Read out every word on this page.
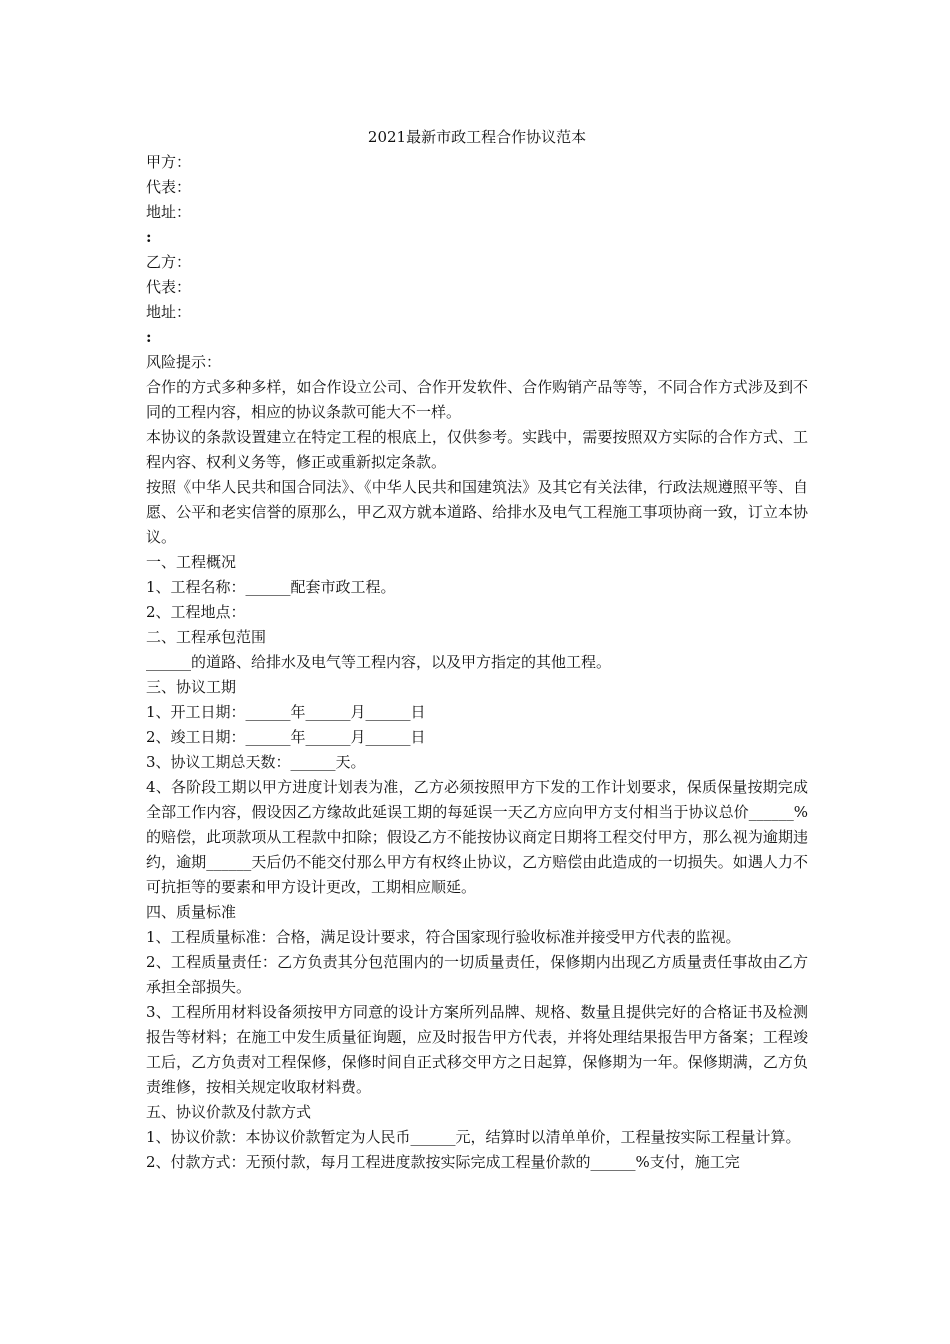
2021最新市政工程合作协议范本

甲方：

代表：

地址：

:

乙方：

代表：

地址：

:

风险提示：

合作的方式多种多样，如合作设立公司、合作开发软件、合作购销产品等等，不同合作方式涉及到不同的工程内容，相应的协议条款可能大不一样。

本协议的条款设置建立在特定工程的根底上，仅供参考。实践中，需要按照双方实际的合作方式、工程内容、权利义务等，修正或重新拟定条款。

按照《中华人民共和国合同法》、《中华人民共和国建筑法》及其它有关法律，行政法规遵照平等、自愿、公平和老实信誉的原那么，甲乙双方就本道路、给排水及电气工程施工事项协商一致，订立本协议。

一、工程概况

1、工程名称：______配套市政工程。

2、工程地点：

二、工程承包范围

______的道路、给排水及电气等工程内容，以及甲方指定的其他工程。

三、协议工期

1、开工日期：______年______月______日

2、竣工日期：______年______月______日

3、协议工期总天数：______天。

4、各阶段工期以甲方进度计划表为准，乙方必须按照甲方下发的工作计划要求，保质保量按期完成全部工作内容，假设因乙方缘故此延误工期的每延误一天乙方应向甲方支付相当于协议总价______%的赔偿，此项款项从工程款中扣除；假设乙方不能按协议商定日期将工程交付甲方，那么视为逾期违约，逾期______天后仍不能交付那么甲方有权终止协议，乙方赔偿由此造成的一切损失。如遇人力不可抗拒等的要素和甲方设计更改，工期相应顺延。

四、质量标准

1、工程质量标准：合格，满足设计要求，符合国家现行验收标准并接受甲方代表的监视。

2、工程质量责任：乙方负责其分包范围内的一切质量责任，保修期内出现乙方质量责任事故由乙方承担全部损失。

3、工程所用材料设备须按甲方同意的设计方案所列品牌、规格、数量且提供完好的合格证书及检测报告等材料；在施工中发生质量征询题，应及时报告甲方代表，并将处理结果报告甲方备案；工程竣工后，乙方负责对工程保修，保修时间自正式移交甲方之日起算，保修期为一年。保修期满，乙方负责维修，按相关规定收取材料费。

五、协议价款及付款方式

1、协议价款：本协议价款暂定为人民币______元，结算时以清单单价，工程量按实际工程量计算。

2、付款方式：无预付款，每月工程进度款按实际完成工程量价款的______%支付，施工完
